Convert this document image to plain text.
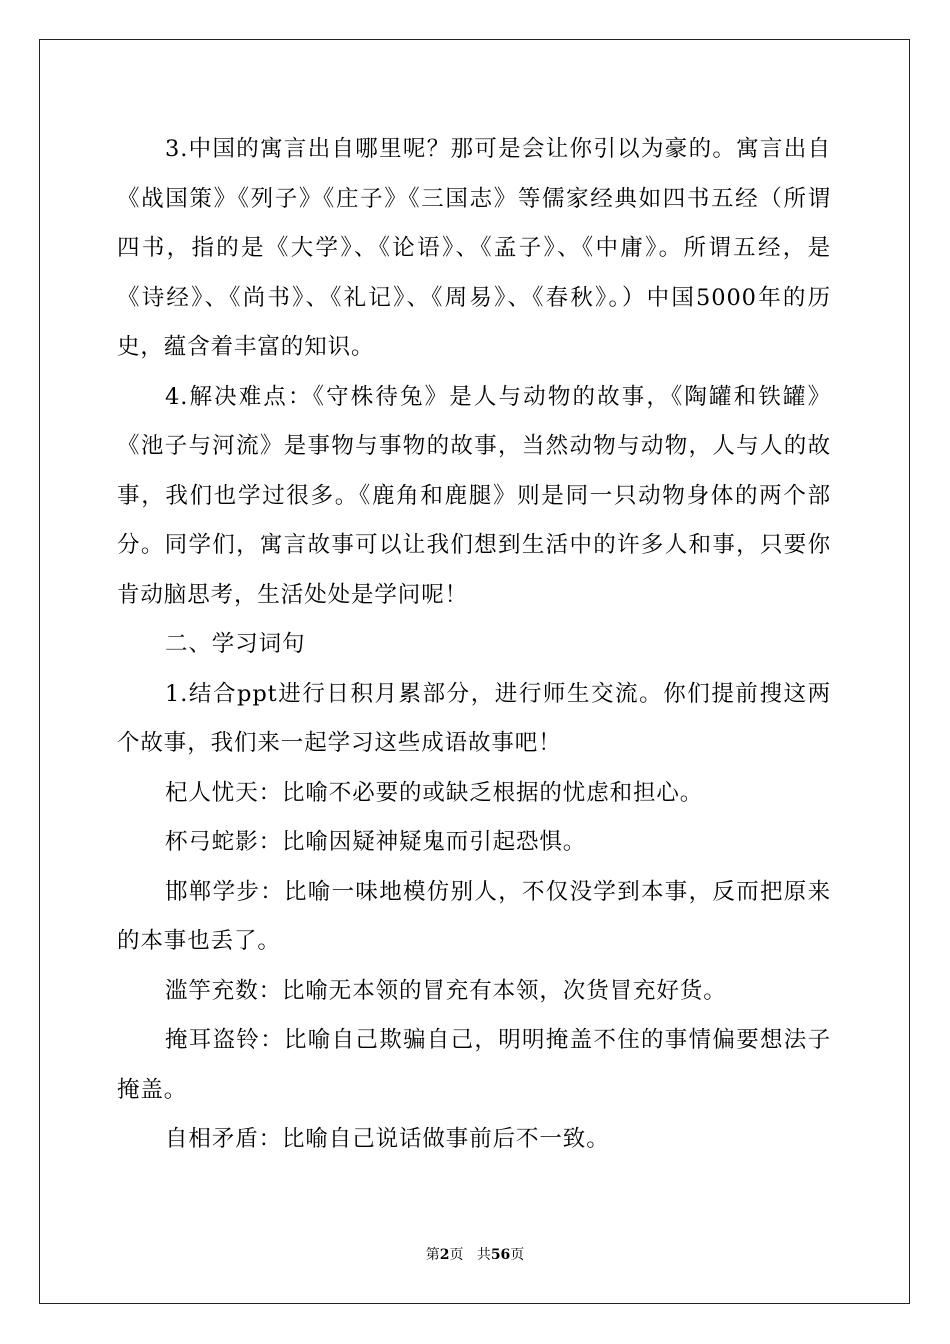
3.中国的寓言出自哪里呢？那可是会让你引以为豪的。寓言出自《战国策》《列子》《庄子》《三国志》等儒家经典如四书五经（所谓四书，指的是《大学》、《论语》、《孟子》、《中庸》。所谓五经，是《诗经》、《尚书》、《礼记》、《周易》、《春秋》。）中国5000年的历史，蕴含着丰富的知识。

4.解决难点：《守株待兔》是人与动物的故事，《陶罐和铁罐》《池子与河流》是事物与事物的故事，当然动物与动物，人与人的故事，我们也学过很多。《鹿角和鹿腿》则是同一只动物身体的两个部分。同学们，寓言故事可以让我们想到生活中的许多人和事，只要你肯动脑思考，生活处处是学问呢！

二、学习词句

1.结合ppt进行日积月累部分，进行师生交流。你们提前搜这两个故事，我们来一起学习这些成语故事吧！

杞人忧天：比喻不必要的或缺乏根据的忧虑和担心。

杯弓蛇影：比喻因疑神疑鬼而引起恐惧。

邯郸学步：比喻一味地模仿别人，不仅没学到本事，反而把原来的本事也丢了。

滥竽充数：比喻无本领的冒充有本领，次货冒充好货。

掩耳盗铃：比喻自己欺骗自己，明明掩盖不住的事情偏要想法子掩盖。

自相矛盾：比喻自己说话做事前后不一致。

第2页 共56页
